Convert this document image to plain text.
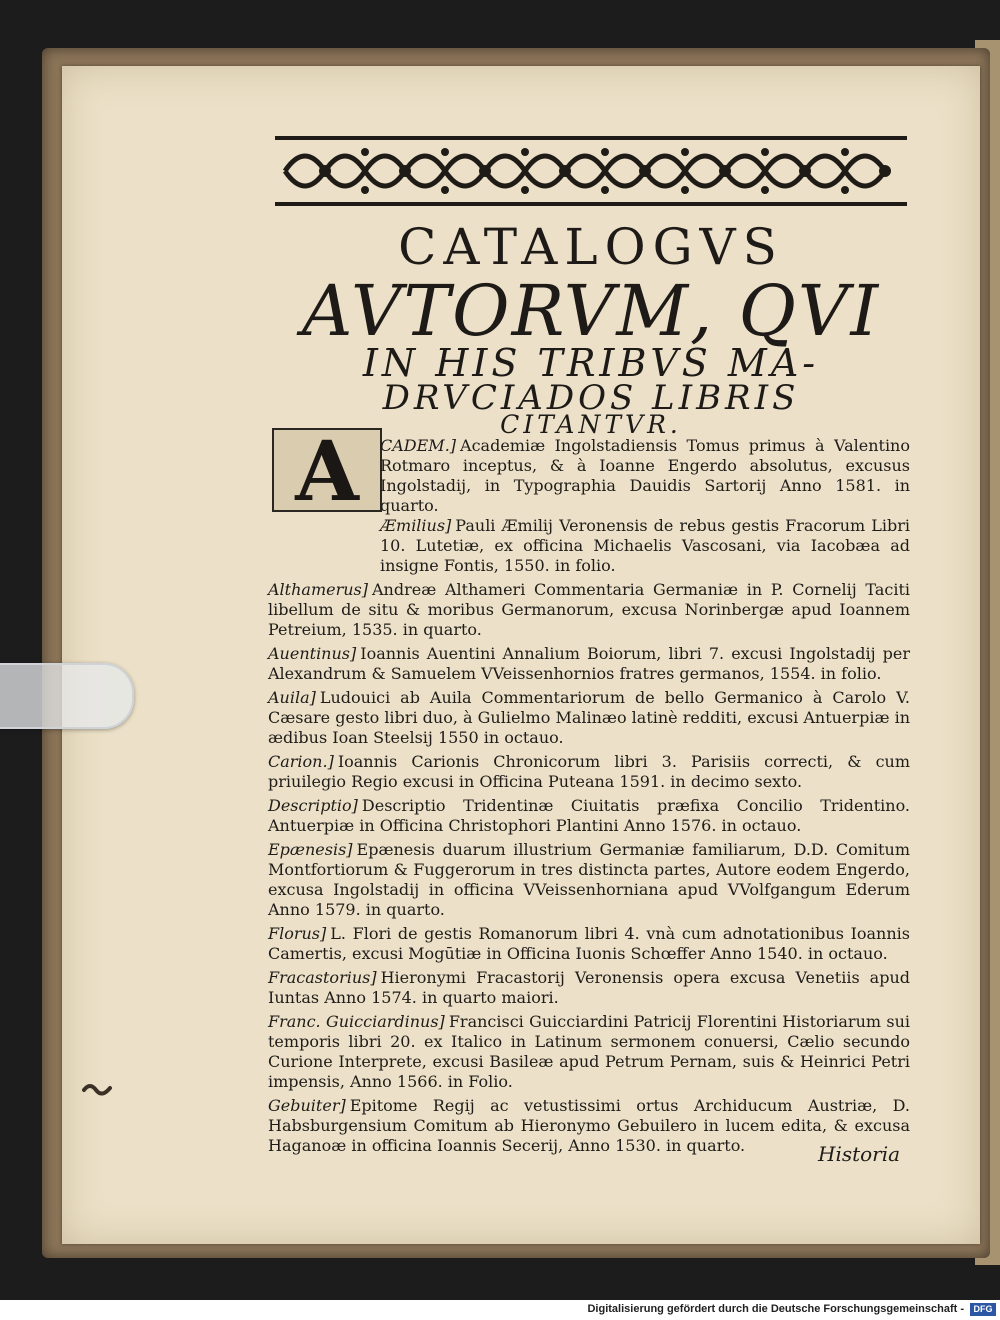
CATALOGVS
AVTORVM, QVI
IN HIS TRIBVS MA-
DRVCIADOS LIBRIS
CITANTVR.
A	CADEM.] Academiæ Ingolstadiensis Tomus primus à Valentino Rotmaro inceptus, & à Ioanne Engerdo absolutus, excusus Ingolstadij, in Typographia Dauidis Sartorij Anno 1581. in quarto.

Æmilius] Pauli Æmilij Veronensis de rebus gestis Fracorum Libri 10. Lutetiæ, ex officina Michaelis Vascosani, via Iacobæa ad insigne Fontis, 1550. in folio.

Althamerus] Andreæ Althameri Commentaria Germaniæ in P. Cornelij Taciti libellum de situ & moribus Germanorum, excusa Norinbergæ apud Ioannem Petreium, 1535. in quarto.

Auentinus] Ioannis Auentini Annalium Boiorum, libri 7. excusi Ingolstadij per Alexandrum & Samuelem VVeissenhornios fratres germanos, 1554. in folio.

Auila] Ludouici ab Auila Commentariorum de bello Germanico à Carolo V. Cæsare gesto libri duo, à Gulielmo Malinæo latinè redditi, excusi Antuerpiæ in ædibus Ioan Steelsij 1550 in octauo.

Carion.] Ioannis Carionis Chronicorum libri 3. Parisiis correcti, & cum priuilegio Regio excusi in Officina Puteana 1591. in decimo sexto.

Descriptio] Descriptio Tridentinæ Ciuitatis præfixa Concilio Tridentino. Antuerpiæ in Officina Christophori Plantini Anno 1576. in octauo.

Epænesis] Epænesis duarum illustrium Germaniæ familiarum, D.D. Comitum Montfortiorum & Fuggerorum in tres distincta partes, Autore eodem Engerdo, excusa Ingolstadij in officina VVeissenhorniana apud VVolfgangum Ederum Anno 1579. in quarto.

Florus] L. Flori de gestis Romanorum libri 4. vnà cum adnotationibus Ioannis Camertis, excusi Mogūtiæ in Officina Iuonis Schœffer Anno 1540. in octauo.

Fracastorius] Hieronymi Fracastorij Veronensis opera excusa Venetiis apud Iuntas Anno 1574. in quarto maiori.

Franc. Guicciardinus] Francisci Guicciardini Patricij Florentini Historiarum sui temporis libri 20. ex Italico in Latinum sermonem conuersi, Cælio secundo Curione Interprete, excusi Basileæ apud Petrum Pernam, suis & Heinrici Petri impensis, Anno 1566. in Folio.

Gebuiter] Epitome Regij ac vetustissimi ortus Archiducum Austriæ, D. Habsburgensium Comitum ab Hieronymo Gebuilero in lucem edita, & excusa Haganoæ in officina Ioannis Secerij, Anno 1530. in quarto.	Historia
Digitalisierung gefördert durch die Deutsche Forschungsgemeinschaft -	DFG
